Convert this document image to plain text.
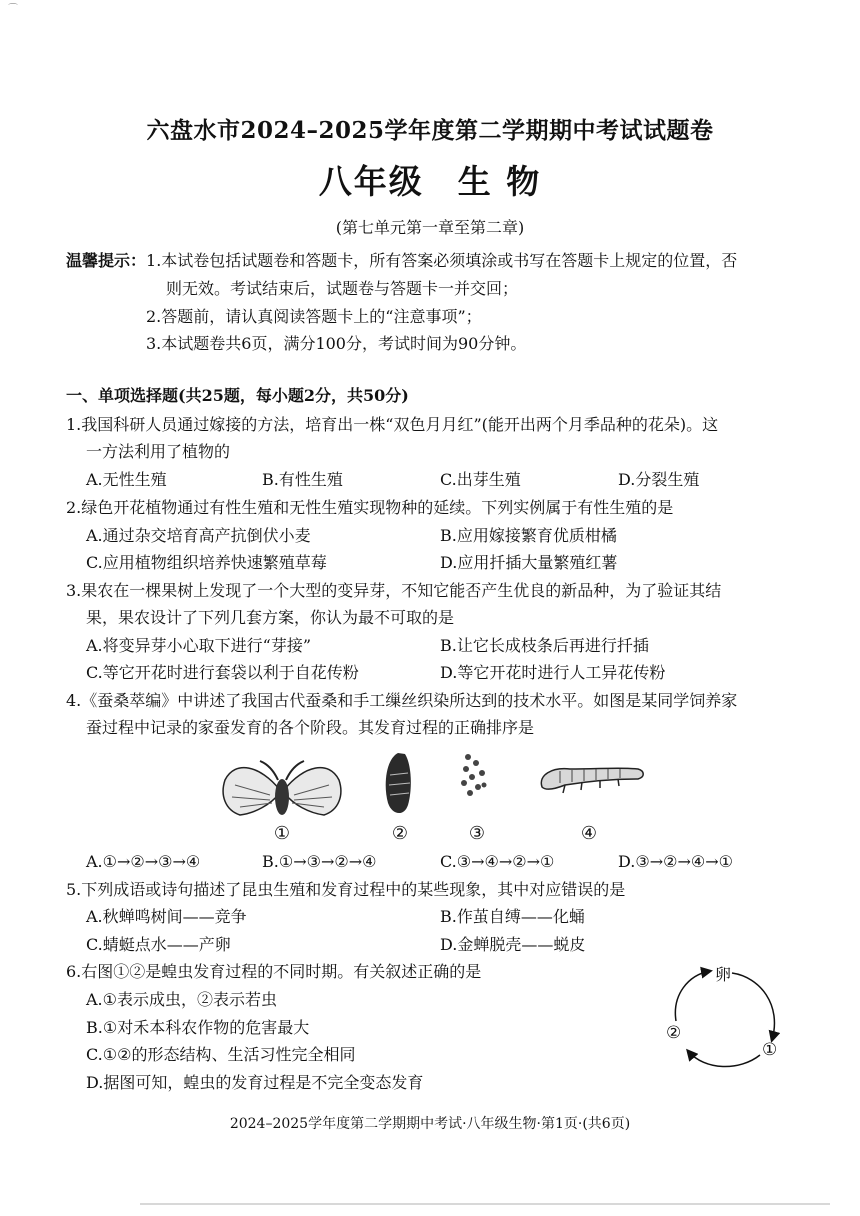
⌒
六盘水市2024–2025学年度第二学期期中考试试题卷
八年级 生 物
(第七单元第一章至第二章)
温馨提示：1.本试卷包括试题卷和答题卡，所有答案必须填涂或书写在答题卡上规定的位置，否
则无效。考试结束后，试题卷与答题卡一并交回；
2.答题前，请认真阅读答题卡上的“注意事项”；
3.本试题卷共6页，满分100分，考试时间为90分钟。
一、单项选择题(共25题，每小题2分，共50分)
1.我国科研人员通过嫁接的方法，培育出一株“双色月月红”(能开出两个月季品种的花朵)。这
一方法利用了植物的
A.无性生殖	B.有性生殖	C.出芽生殖	D.分裂生殖
2.绿色开花植物通过有性生殖和无性生殖实现物种的延续。下列实例属于有性生殖的是
A.通过杂交培育高产抗倒伏小麦	B.应用嫁接繁育优质柑橘
C.应用植物组织培养快速繁殖草莓	D.应用扦插大量繁殖红薯
3.果农在一棵果树上发现了一个大型的变异芽，不知它能否产生优良的新品种，为了验证其结
果，果农设计了下列几套方案，你认为最不可取的是
A.将变异芽小心取下进行“芽接”	B.让它长成枝条后再进行扦插
C.等它开花时进行套袋以利于自花传粉	D.等它开花时进行人工异花传粉
4.《蚕桑萃编》中讲述了我国古代蚕桑和手工缫丝织染所达到的技术水平。如图是某同学饲养家
蚕过程中记录的家蚕发育的各个阶段。其发育过程的正确排序是
①	②	③	④
A.①→②→③→④	B.①→③→②→④	C.③→④→②→①	D.③→②→④→①
5.下列成语或诗句描述了昆虫生殖和发育过程中的某些现象，其中对应错误的是
A.秋蝉鸣树间——竞争	B.作茧自缚——化蛹
C.蜻蜓点水——产卵	D.金蝉脱壳——蜕皮
6.右图①②是蝗虫发育过程的不同时期。有关叙述正确的是
A.①表示成虫，②表示若虫
B.①对禾本科农作物的危害最大
C.①②的形态结构、生活习性完全相同
D.据图可知，蝗虫的发育过程是不完全变态发育
卵
①
②
2024–2025学年度第二学期期中考试·八年级生物·第1页·(共6页)
